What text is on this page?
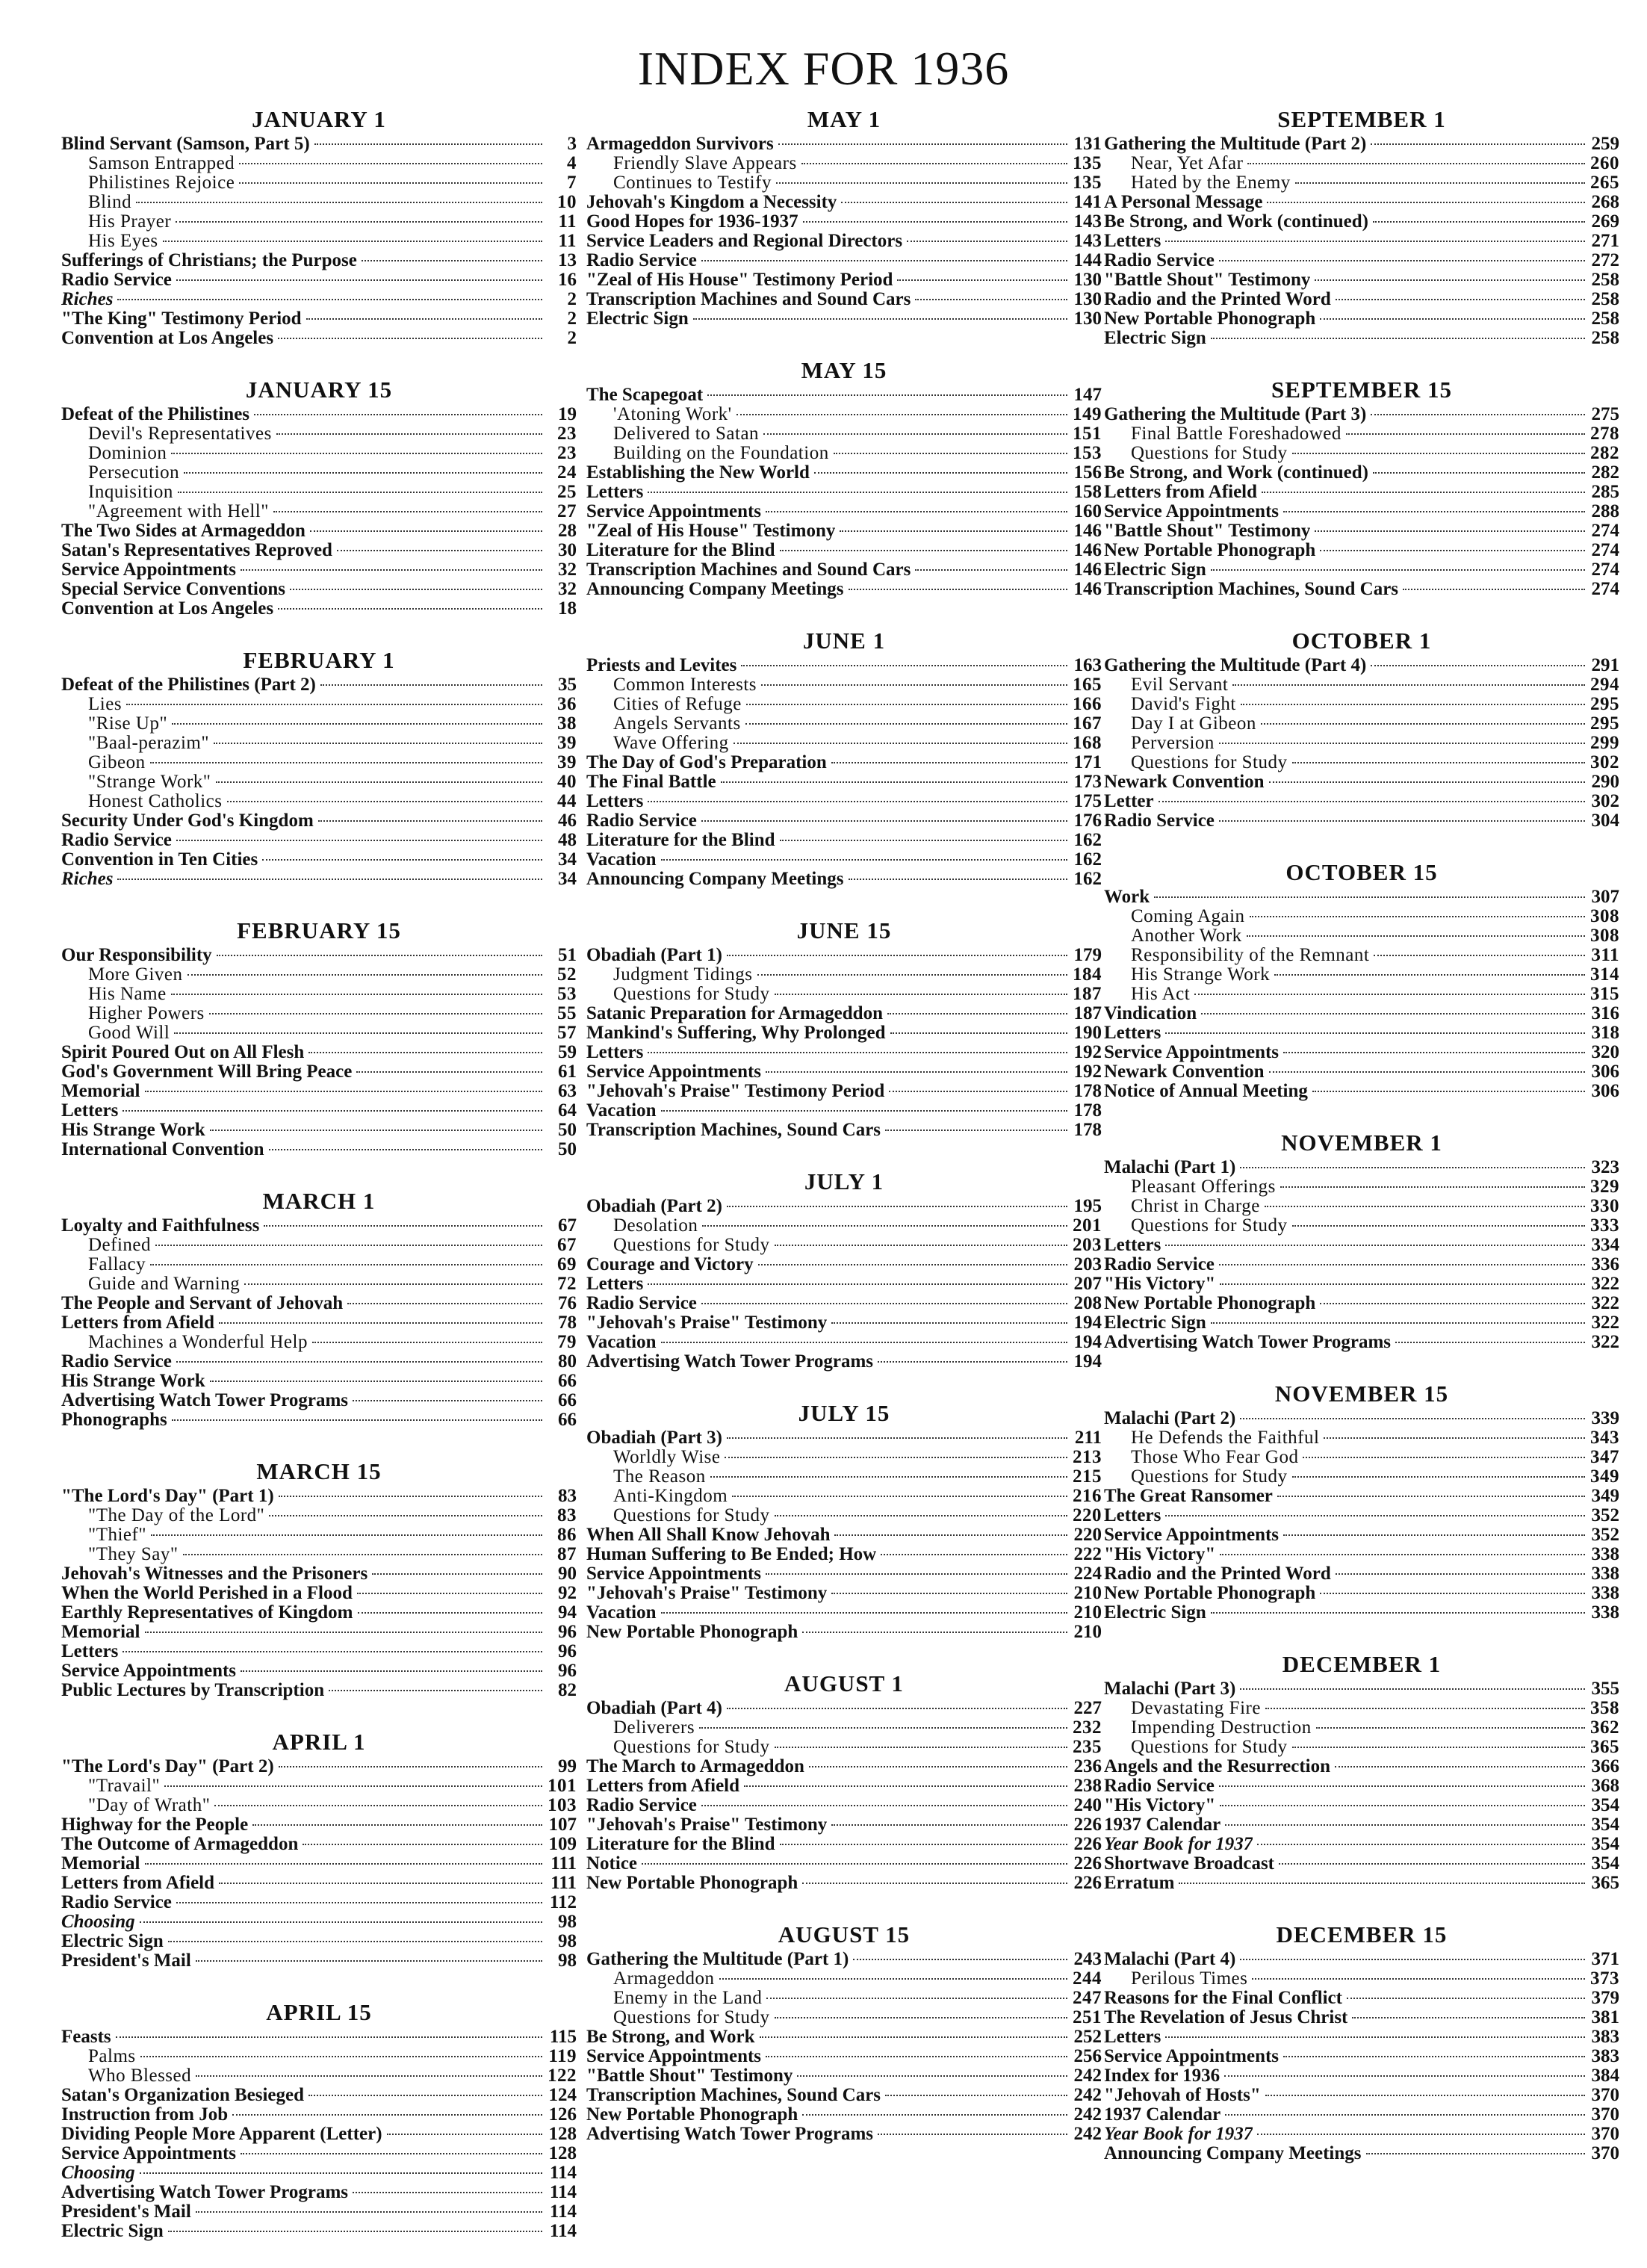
INDEX FOR 1936
JANUARY 1
Blind Servant (Samson, Part 5)	3
Samson Entrapped	4
Philistines Rejoice	7
Blind	10
His Prayer	11
His Eyes	11
Sufferings of Christians; the Purpose	13
Radio Service	16
Riches	2
"The King" Testimony Period	2
Convention at Los Angeles	2
JANUARY 15
Defeat of the Philistines	19
Devil's Representatives	23
Dominion	23
Persecution	24
Inquisition	25
"Agreement with Hell"	27
The Two Sides at Armageddon	28
Satan's Representatives Reproved	30
Service Appointments	32
Special Service Conventions	32
Convention at Los Angeles	18
FEBRUARY 1
Defeat of the Philistines (Part 2)	35
Lies	36
"Rise Up"	38
"Baal-perazim"	39
Gibeon	39
"Strange Work"	40
Honest Catholics	44
Security Under God's Kingdom	46
Radio Service	48
Convention in Ten Cities	34
Riches	34
FEBRUARY 15
Our Responsibility	51
More Given	52
His Name	53
Higher Powers	55
Good Will	57
Spirit Poured Out on All Flesh	59
God's Government Will Bring Peace	61
Memorial	63
Letters	64
His Strange Work	50
International Convention	50
MARCH 1
Loyalty and Faithfulness	67
Defined	67
Fallacy	69
Guide and Warning	72
The People and Servant of Jehovah	76
Letters from Afield	78
Machines a Wonderful Help	79
Radio Service	80
His Strange Work	66
Advertising Watch Tower Programs	66
Phonographs	66
MARCH 15
"The Lord's Day" (Part 1)	83
"The Day of the Lord"	83
"Thief"	86
"They Say"	87
Jehovah's Witnesses and the Prisoners	90
When the World Perished in a Flood	92
Earthly Representatives of Kingdom	94
Memorial	96
Letters	96
Service Appointments	96
Public Lectures by Transcription	82
APRIL 1
"The Lord's Day" (Part 2)	99
"Travail"	101
"Day of Wrath"	103
Highway for the People	107
The Outcome of Armageddon	109
Memorial	111
Letters from Afield	111
Radio Service	112
Choosing	98
Electric Sign	98
President's Mail	98
APRIL 15
Feasts	115
Palms	119
Who Blessed	122
Satan's Organization Besieged	124
Instruction from Job	126
Dividing People More Apparent (Letter)	128
Service Appointments	128
Choosing	114
Advertising Watch Tower Programs	114
President's Mail	114
Electric Sign	114
MAY 1
Armageddon Survivors	131
Friendly Slave Appears	135
Continues to Testify	135
Jehovah's Kingdom a Necessity	141
Good Hopes for 1936-1937	143
Service Leaders and Regional Directors	143
Radio Service	144
"Zeal of His House" Testimony Period	130
Transcription Machines and Sound Cars	130
Electric Sign	130
MAY 15
The Scapegoat	147
'Atoning Work'	149
Delivered to Satan	151
Building on the Foundation	153
Establishing the New World	156
Letters	158
Service Appointments	160
"Zeal of His House" Testimony	146
Literature for the Blind	146
Transcription Machines and Sound Cars	146
Announcing Company Meetings	146
JUNE 1
Priests and Levites	163
Common Interests	165
Cities of Refuge	166
Angels Servants	167
Wave Offering	168
The Day of God's Preparation	171
The Final Battle	173
Letters	175
Radio Service	176
Literature for the Blind	162
Vacation	162
Announcing Company Meetings	162
JUNE 15
Obadiah (Part 1)	179
Judgment Tidings	184
Questions for Study	187
Satanic Preparation for Armageddon	187
Mankind's Suffering, Why Prolonged	190
Letters	192
Service Appointments	192
"Jehovah's Praise" Testimony Period	178
Vacation	178
Transcription Machines, Sound Cars	178
JULY 1
Obadiah (Part 2)	195
Desolation	201
Questions for Study	203
Courage and Victory	203
Letters	207
Radio Service	208
"Jehovah's Praise" Testimony	194
Vacation	194
Advertising Watch Tower Programs	194
JULY 15
Obadiah (Part 3)	211
Worldly Wise	213
The Reason	215
Anti-Kingdom	216
Questions for Study	220
When All Shall Know Jehovah	220
Human Suffering to Be Ended; How	222
Service Appointments	224
"Jehovah's Praise" Testimony	210
Vacation	210
New Portable Phonograph	210
AUGUST 1
Obadiah (Part 4)	227
Deliverers	232
Questions for Study	235
The March to Armageddon	236
Letters from Afield	238
Radio Service	240
"Jehovah's Praise" Testimony	226
Literature for the Blind	226
Notice	226
New Portable Phonograph	226
AUGUST 15
Gathering the Multitude (Part 1)	243
Armageddon	244
Enemy in the Land	247
Questions for Study	251
Be Strong, and Work	252
Service Appointments	256
"Battle Shout" Testimony	242
Transcription Machines, Sound Cars	242
New Portable Phonograph	242
Advertising Watch Tower Programs	242
SEPTEMBER 1
Gathering the Multitude (Part 2)	259
Near, Yet Afar	260
Hated by the Enemy	265
A Personal Message	268
Be Strong, and Work (continued)	269
Letters	271
Radio Service	272
"Battle Shout" Testimony	258
Radio and the Printed Word	258
New Portable Phonograph	258
Electric Sign	258
SEPTEMBER 15
Gathering the Multitude (Part 3)	275
Final Battle Foreshadowed	278
Questions for Study	282
Be Strong, and Work (continued)	282
Letters from Afield	285
Service Appointments	288
"Battle Shout" Testimony	274
New Portable Phonograph	274
Electric Sign	274
Transcription Machines, Sound Cars	274
OCTOBER 1
Gathering the Multitude (Part 4)	291
Evil Servant	294
David's Fight	295
Day I at Gibeon	295
Perversion	299
Questions for Study	302
Newark Convention	290
Letter	302
Radio Service	304
OCTOBER 15
Work	307
Coming Again	308
Another Work	308
Responsibility of the Remnant	311
His Strange Work	314
His Act	315
Vindication	316
Letters	318
Service Appointments	320
Newark Convention	306
Notice of Annual Meeting	306
NOVEMBER 1
Malachi (Part 1)	323
Pleasant Offerings	329
Christ in Charge	330
Questions for Study	333
Letters	334
Radio Service	336
"His Victory"	322
New Portable Phonograph	322
Electric Sign	322
Advertising Watch Tower Programs	322
NOVEMBER 15
Malachi (Part 2)	339
He Defends the Faithful	343
Those Who Fear God	347
Questions for Study	349
The Great Ransomer	349
Letters	352
Service Appointments	352
"His Victory"	338
Radio and the Printed Word	338
New Portable Phonograph	338
Electric Sign	338
DECEMBER 1
Malachi (Part 3)	355
Devastating Fire	358
Impending Destruction	362
Questions for Study	365
Angels and the Resurrection	366
Radio Service	368
"His Victory"	354
1937 Calendar	354
Year Book for 1937	354
Shortwave Broadcast	354
Erratum	365
DECEMBER 15
Malachi (Part 4)	371
Perilous Times	373
Reasons for the Final Conflict	379
The Revelation of Jesus Christ	381
Letters	383
Service Appointments	383
Index for 1936	384
"Jehovah of Hosts"	370
1937 Calendar	370
Year Book for 1937	370
Announcing Company Meetings	370
